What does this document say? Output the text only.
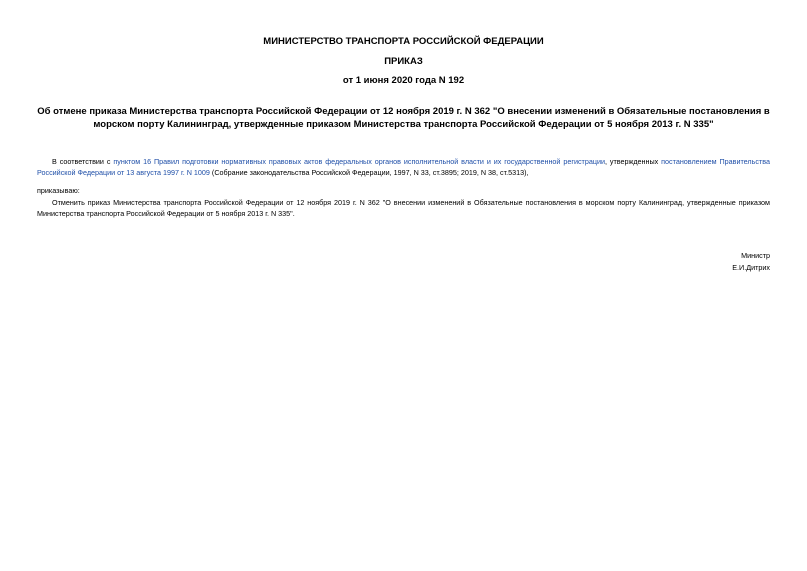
МИНИСТЕРСТВО ТРАНСПОРТА РОССИЙСКОЙ ФЕДЕРАЦИИ
ПРИКАЗ
от 1 июня 2020 года N 192
Об отмене приказа Министерства транспорта Российской Федерации от 12 ноября 2019 г. N 362 "О внесении изменений в Обязательные постановления в морском порту Калининград, утвержденные приказом Министерства транспорта Российской Федерации от 5 ноября 2013 г. N 335"
В соответствии с пунктом 16 Правил подготовки нормативных правовых актов федеральных органов исполнительной власти и их государственной регистрации, утвержденных постановлением Правительства Российской Федерации от 13 августа 1997 г. N 1009 (Собрание законодательства Российской Федерации, 1997, N 33, ст.3895; 2019, N 38, ст.5313),
приказываю:
Отменить приказ Министерства транспорта Российской Федерации от 12 ноября 2019 г. N 362 "О внесении изменений в Обязательные постановления в морском порту Калининград, утвержденные приказом Министерства транспорта Российской Федерации от 5 ноября 2013 г. N 335".
Министр
Е.И.Дитрих
